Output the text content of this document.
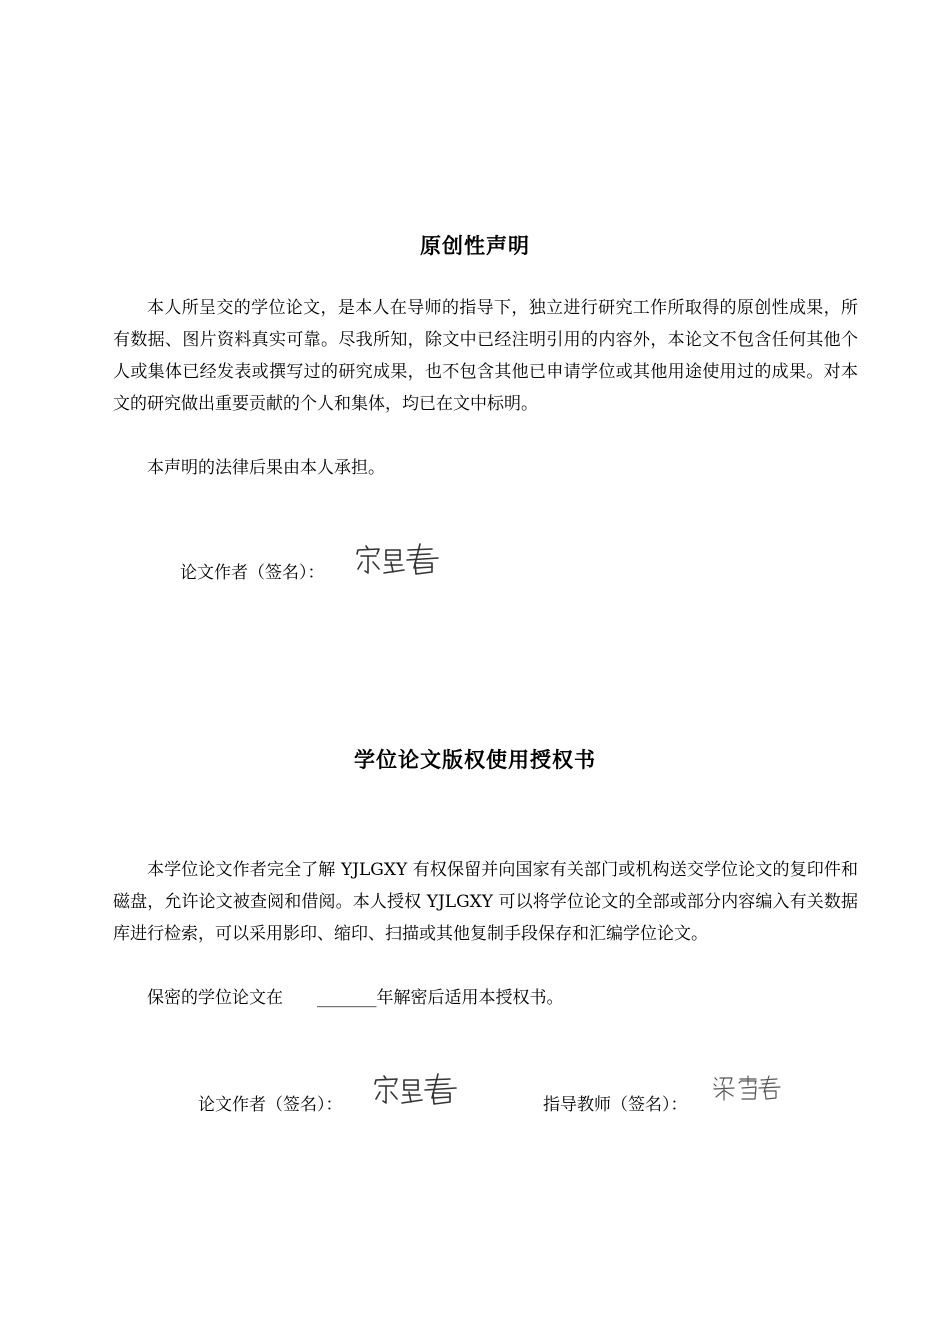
原创性声明

本人所呈交的学位论文，是本人在导师的指导下，独立进行研究工作所取得的原创性成果，所有数据、图片资料真实可靠。尽我所知，除文中已经注明引用的内容外，本论文不包含任何其他个人或集体已经发表或撰写过的研究成果，也不包含其他已申请学位或其他用途使用过的成果。对本文的研究做出重要贡献的个人和集体，均已在文中标明。

本声明的法律后果由本人承担。

论文作者（签名）：
学位论文版权使用授权书

本学位论文作者完全了解 YJLGXY 有权保留并向国家有关部门或机构送交学位论文的复印件和磁盘，允许论文被查阅和借阅。本人授权 YJLGXY 可以将学位论文的全部或部分内容编入有关数据库进行检索，可以采用影印、缩印、扫描或其他复制手段保存和汇编学位论文。

保密的学位论文在 _______年解密后适用本授权书。

论文作者（签名）：	指导教师（签名）：
